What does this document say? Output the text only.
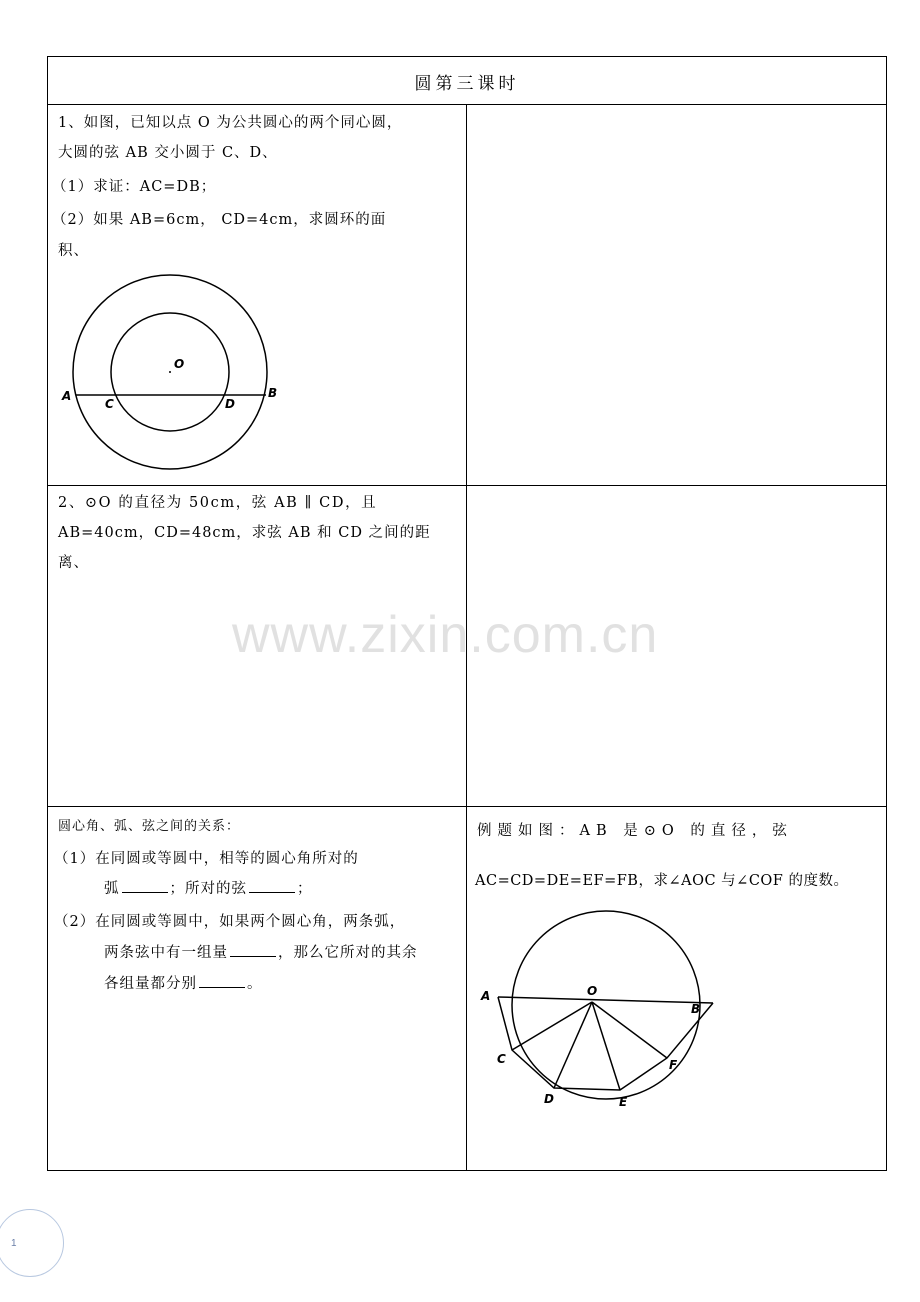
圆第三课时
1、如图，已知以点 O 为公共圆心的两个同心圆，
大圆的弦 AB 交小圆于 C、D、
（1）求证：AC=DB；
（2）如果 AB=6cm， CD=4cm，求圆环的面
积、
O
A	B
C	D
2、⊙O 的直径为 50cm，弦 AB ∥ CD，且
AB=40cm，CD=48cm，求弦 AB 和 CD 之间的距
离、
圆心角、弧、弦之间的关系：
（1）在同圆或等圆中，相等的圆心角所对的
弧	；所对的弦	；
（2）在同圆或等圆中，如果两个圆心角，两条弧，
两条弦中有一组量	，那么它所对的其余
各组量都分别	。
例题如图：AB 是⊙O 的直径，弦
AC=CD=DE=EF=FB，求∠AOC 与∠COF 的度数。
O
A
B
C
D	E
F
www.zixin.com.cn
1
